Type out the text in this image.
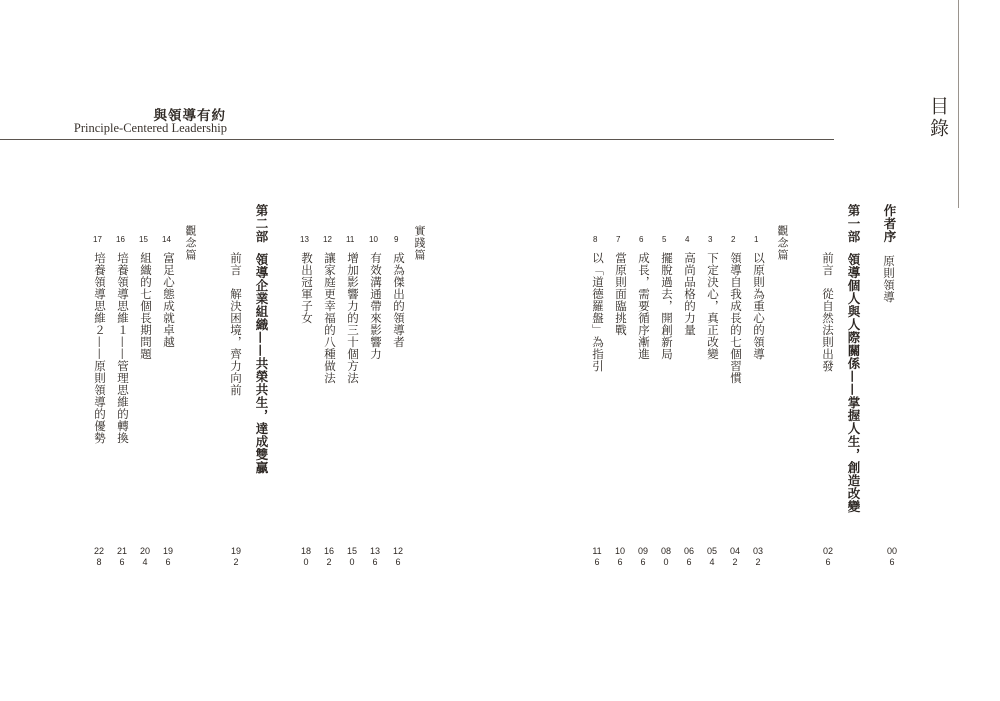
與領導有約
Principle-Centered Leadership	目錄
作者序原則領導
006
第一部領導個人與人際關係——掌握人生，創造改變
前言　從自然法則出發
026
觀念篇
1
以原則為重心的領導
032
2
領導自我成長的七個習慣
042
3
下定決心，真正改變
054
4
高尚品格的力量
066
5
擺脫過去，開創新局
080
6
成長，需要循序漸進
096
7
當原則面臨挑戰
106
8
以「道德羅盤」為指引
116
實踐篇
9
成為傑出的領導者
126
10
有效溝通帶來影響力
136
11
增加影響力的三十個方法
150
12
讓家庭更幸福的八種做法
162
13
教出冠軍子女
180
第二部領導企業組織——共榮共生，達成雙贏
前言　解決困境，齊力向前
192
觀念篇
14
富足心態成就卓越
196
15
組織的七個長期問題
204
16
培養領導思維１——管理思維的轉換
216
17
培養領導思維２——原則領導的優勢
228
